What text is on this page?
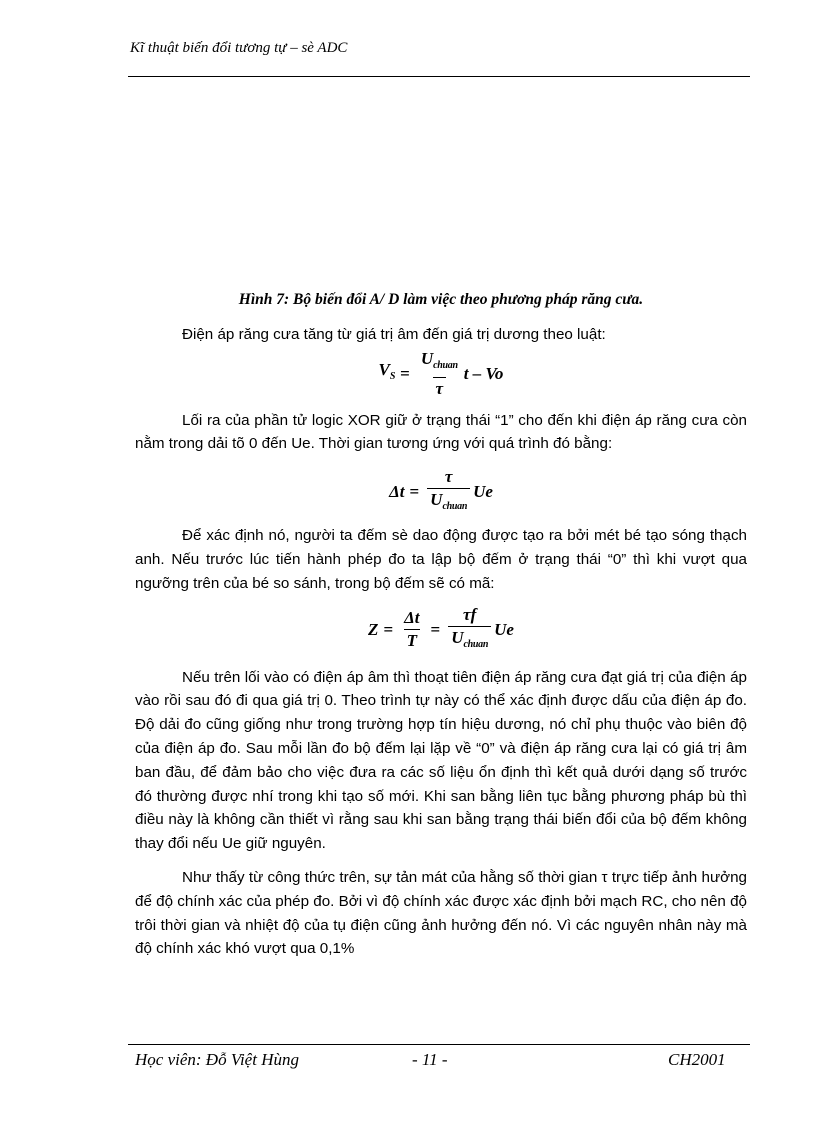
Kĩ thuật biến đổi tương tự – sè ADC
Hình 7: Bộ biến đổi A/ D làm việc theo phương pháp răng cưa.

Điện áp răng cưa tăng từ giá trị âm đến giá trị dương theo luật:

$V_S = \frac{U_{chuan}}{\tau}$ t – Vo

Lối ra của phần tử logic XOR giữ ở trạng thái “1” cho đến khi điện áp răng cưa còn nằm trong dải tõ 0 đến Ue. Thời gian tương ứng với quá trình đó bằng:

$\Delta t = \frac{\tau}{U_{chuan}}$ Ue

Để xác định nó, người ta đếm sè dao động được tạo ra bởi mét bé tạo sóng thạch anh. Nếu trước lúc tiến hành phép đo ta lập bộ đếm ở trạng thái “0” thì khi vượt qua ngưỡng trên của bé so sánh, trong bộ đếm sẽ có mã:

$Z = \frac{\Delta t}{T} = \frac{\tau f}{U_{chuan}}$ Ue

Nếu trên lối vào có điện áp âm thì thoạt tiên điện áp răng cưa đạt giá trị của điện áp vào rồi sau đó đi qua giá trị 0. Theo trình tự này có thể xác định được dấu của điện áp đo. Độ dải đo cũng giống như trong trường hợp tín hiệu dương, nó chỉ phụ thuộc vào biên độ của điện áp đo. Sau mỗi lần đo bộ đếm lại lặp về “0” và điện áp răng cưa lại có giá trị âm ban đầu, để đảm bảo cho việc đưa ra các số liệu ổn định thì kết quả dưới dạng số trước đó thường được nhí trong khi tạo số mới. Khi san bằng liên tục bằng phương pháp bù thì điều này là không cần thiết vì rằng sau khi san bằng trạng thái biến đổi của bộ đếm không thay đổi nếu Ue giữ nguyên.

Như thấy từ công thức trên, sự tản mát của hằng số thời gian τ trực tiếp ảnh hưởng để độ chính xác của phép đo. Bởi vì độ chính xác được xác định bởi mạch RC, cho nên độ trôi thời gian và nhiệt độ của tụ điện cũng ảnh hưởng đến nó. Vì các nguyên nhân này mà độ chính xác khó vượt qua 0,1%

Học viên: Đỗ Việt Hùng	- 11 -	CH2001
